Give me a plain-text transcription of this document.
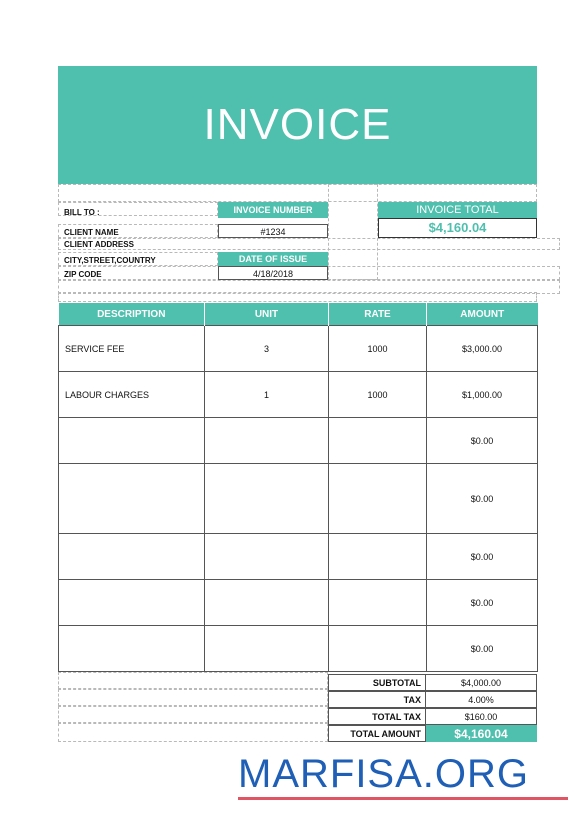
INVOICE
BILL TO :
CLIENT NAME
CLIENT ADDRESS
CITY,STREET,COUNTRY
ZIP CODE
INVOICE NUMBER
#1234
DATE OF ISSUE
4/18/2018
INVOICE TOTAL
$4,160.04
DESCRIPTION	UNIT	RATE	AMOUNT
SERVICE FEE	3	1000	$3,000.00
LABOUR CHARGES	1	1000	$1,000.00
			$0.00
			$0.00
			$0.00
			$0.00
			$0.00
SUBTOTAL	$4,000.00
TAX	4.00%
TOTAL TAX	$160.00
TOTAL AMOUNT	$4,160.04
MARFISA.ORG
